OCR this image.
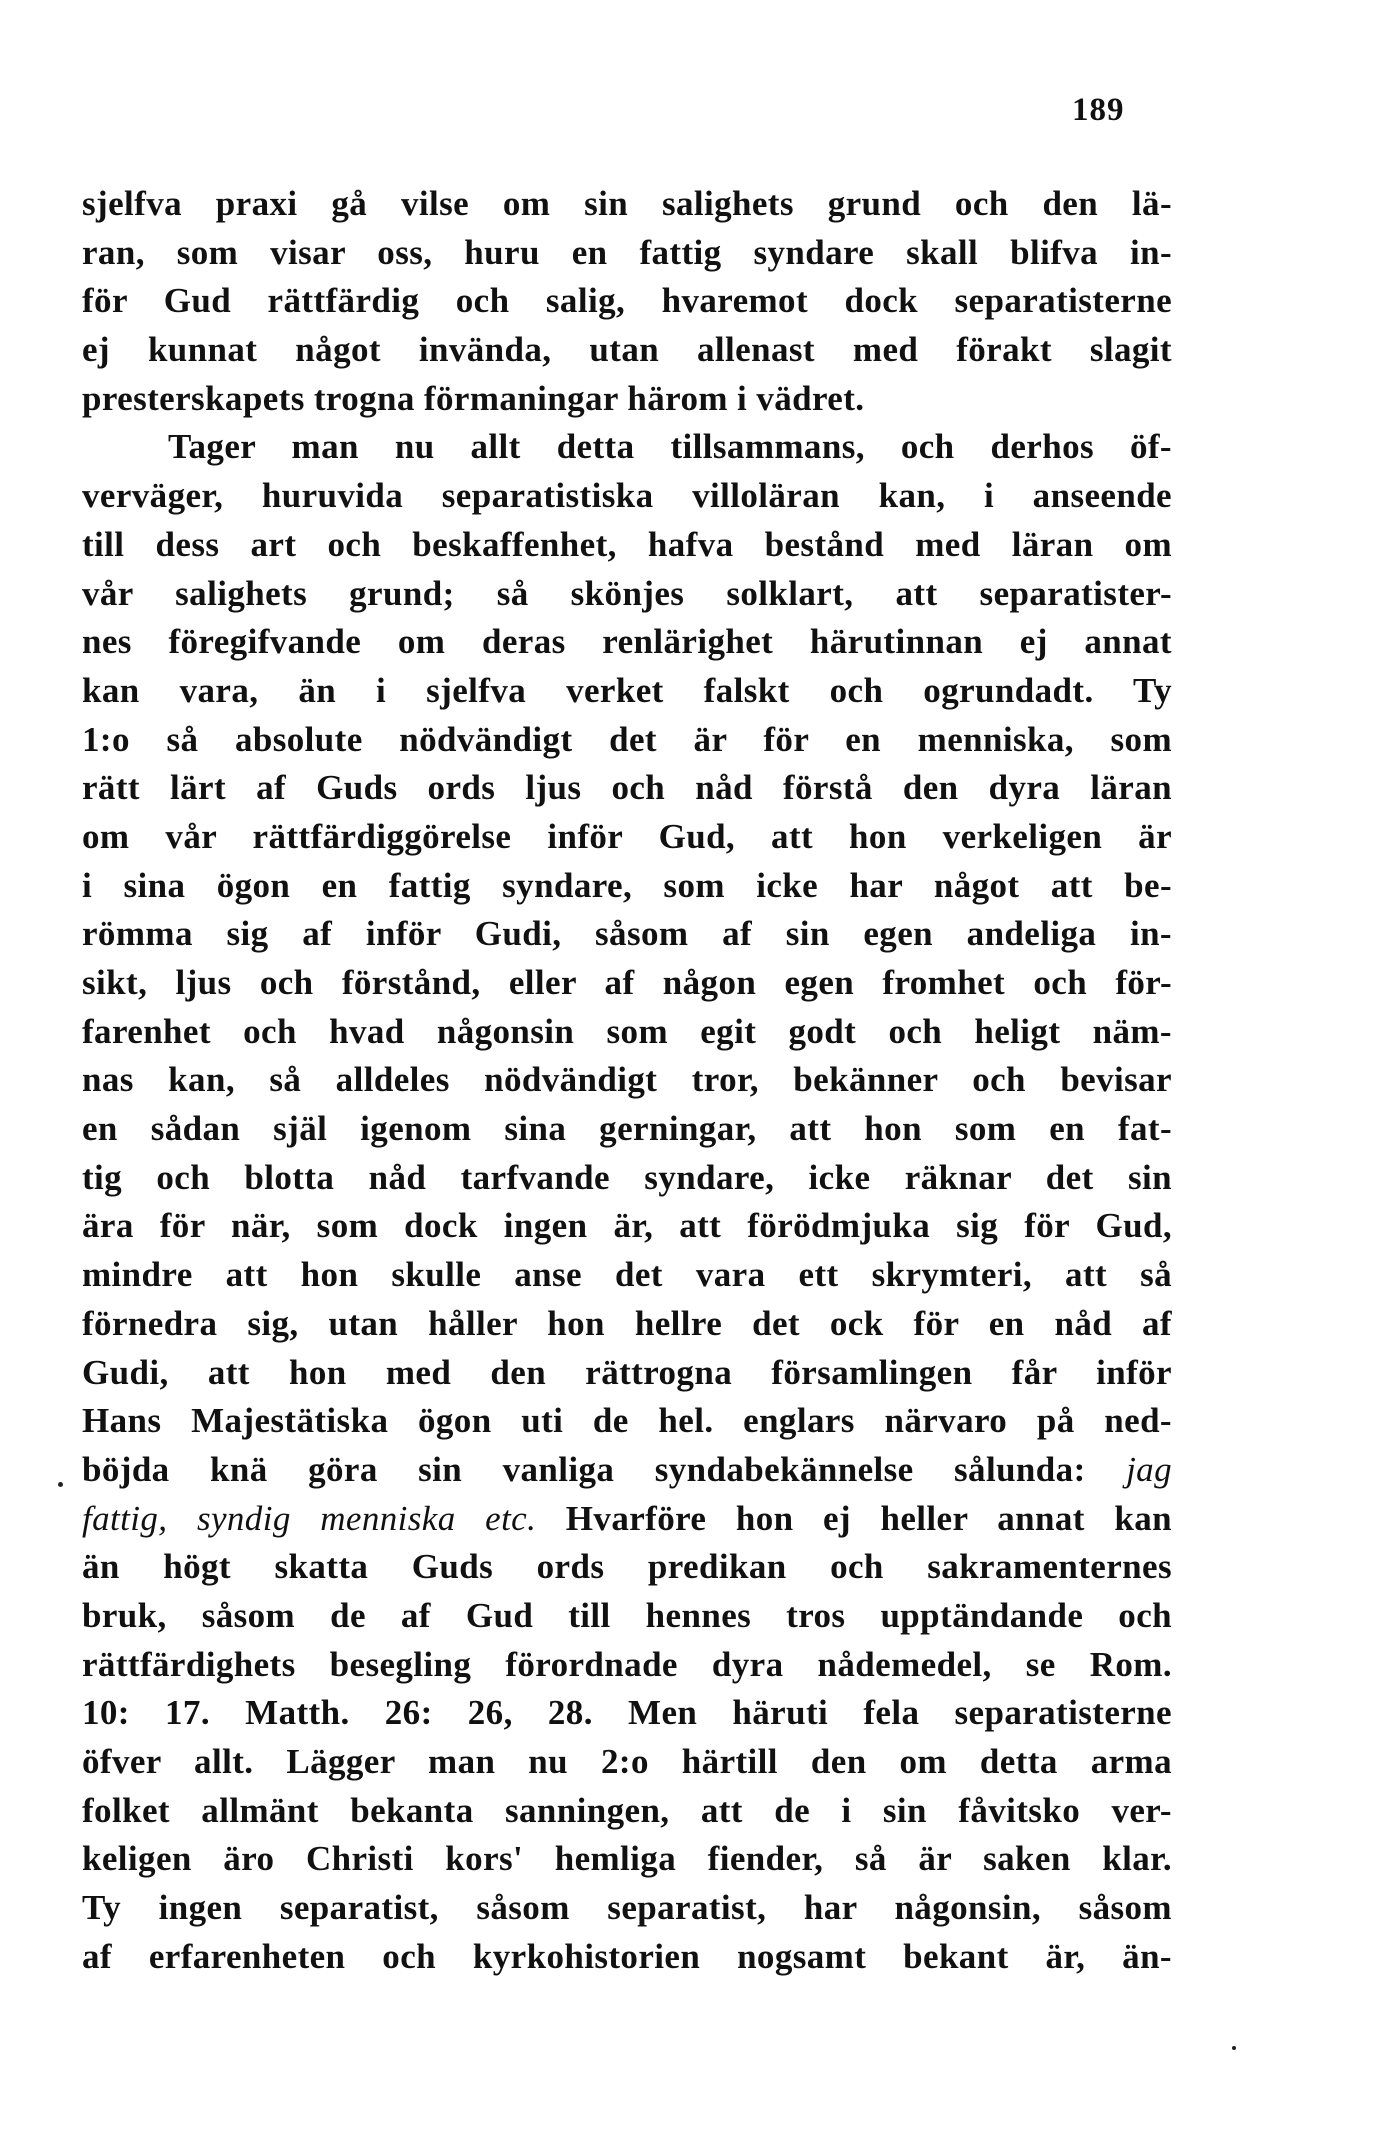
189
sjelfva praxi gå vilse om sin salighets grund och den lä-
ran, som visar oss, huru en fattig syndare skall blifva in-
för Gud rättfärdig och salig, hvaremot dock separatisterne
ej kunnat något invända, utan allenast med förakt slagit
presterskapets trogna förmaningar härom i vädret.
Tager man nu allt detta tillsammans, och derhos öf-
verväger, huruvida separatistiska villoläran kan, i anseende
till dess art och beskaffenhet, hafva bestånd med läran om
vår salighets grund; så skönjes solklart, att separatister-
nes föregifvande om deras renlärighet härutinnan ej annat
kan vara, än i sjelfva verket falskt och ogrundadt. Ty
1:o så absolute nödvändigt det är för en menniska, som
rätt lärt af Guds ords ljus och nåd förstå den dyra läran
om vår rättfärdiggörelse inför Gud, att hon verkeligen är
i sina ögon en fattig syndare, som icke har något att be-
römma sig af inför Gudi, såsom af sin egen andeliga in-
sikt, ljus och förstånd, eller af någon egen fromhet och för-
farenhet och hvad någonsin som egit godt och heligt näm-
nas kan, så alldeles nödvändigt tror, bekänner och bevisar
en sådan själ igenom sina gerningar, att hon som en fat-
tig och blotta nåd tarfvande syndare, icke räknar det sin
ära för när, som dock ingen är, att förödmjuka sig för Gud,
mindre att hon skulle anse det vara ett skrymteri, att så
förnedra sig, utan håller hon hellre det ock för en nåd af
Gudi, att hon med den rättrogna församlingen får inför
Hans Majestätiska ögon uti de hel. englars närvaro på ned-
böjda knä göra sin vanliga syndabekännelse sålunda: jag
fattig, syndig menniska etc. Hvarföre hon ej heller annat kan
än högt skatta Guds ords predikan och sakramenternes
bruk, såsom de af Gud till hennes tros upptändande och
rättfärdighets besegling förordnade dyra nådemedel, se Rom.
10: 17. Matth. 26: 26, 28. Men häruti fela separatisterne
öfver allt. Lägger man nu 2:o härtill den om detta arma
folket allmänt bekanta sanningen, att de i sin fåvitsko ver-
keligen äro Christi kors' hemliga fiender, så är saken klar.
Ty ingen separatist, såsom separatist, har någonsin, såsom
af erfarenheten och kyrkohistorien nogsamt bekant är, än-
